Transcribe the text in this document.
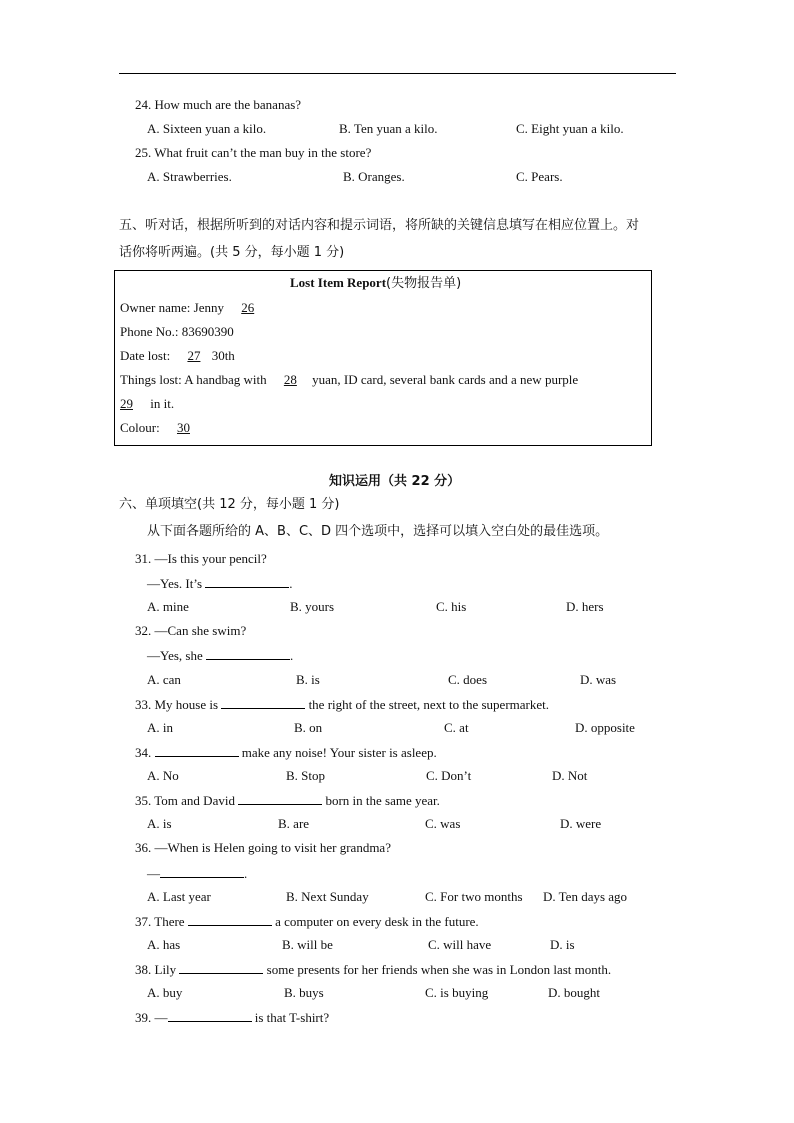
24. How much are the bananas?
A. Sixteen yuan a kilo.	B. Ten yuan a kilo.	C. Eight yuan a kilo.
25. What fruit can’t the man buy in the store?
A. Strawberries.	B. Oranges.	C. Pears.
五、听对话，根据所听到的对话内容和提示词语，将所缺的关键信息填写在相应位置上。对
话你将听两遍。(共 5 分，每小题 1 分)
Lost Item Report(失物报告单)
Owner name: Jenny 26
Phone No.: 83690390
Date lost: 27 30th
Things lost: A handbag with 28 yuan, ID card, several bank cards and a new purple
29 in it.
Colour: 30
知识运用（共 22 分）
六、单项填空(共 12 分，每小题 1 分)
从下面各题所给的 A、B、C、D 四个选项中，选择可以填入空白处的最佳选项。
31. —Is this your pencil?
—Yes. It’s	.
A. mine	B. yours	C. his	D. hers
32. —Can she swim?
—Yes, she	.
A. can	B. is	C. does	D. was
33. My house is	the right of the street, next to the supermarket.
A. in	B. on	C. at	D. opposite
34.	make any noise! Your sister is asleep.
A. No	B. Stop	C. Don’t	D. Not
35. Tom and David	born in the same year.
A. is	B. are	C. was	D. were
36. —When is Helen going to visit her grandma?
—	.
A. Last year	B. Next Sunday	C. For two months D. Ten days ago
37. There	a computer on every desk in the future.
A. has	B. will be	C. will have	D. is
38. Lily	some presents for her friends when she was in London last month.
A. buy	B. buys	C. is buying	D. bought
39. —	is that T-shirt?
